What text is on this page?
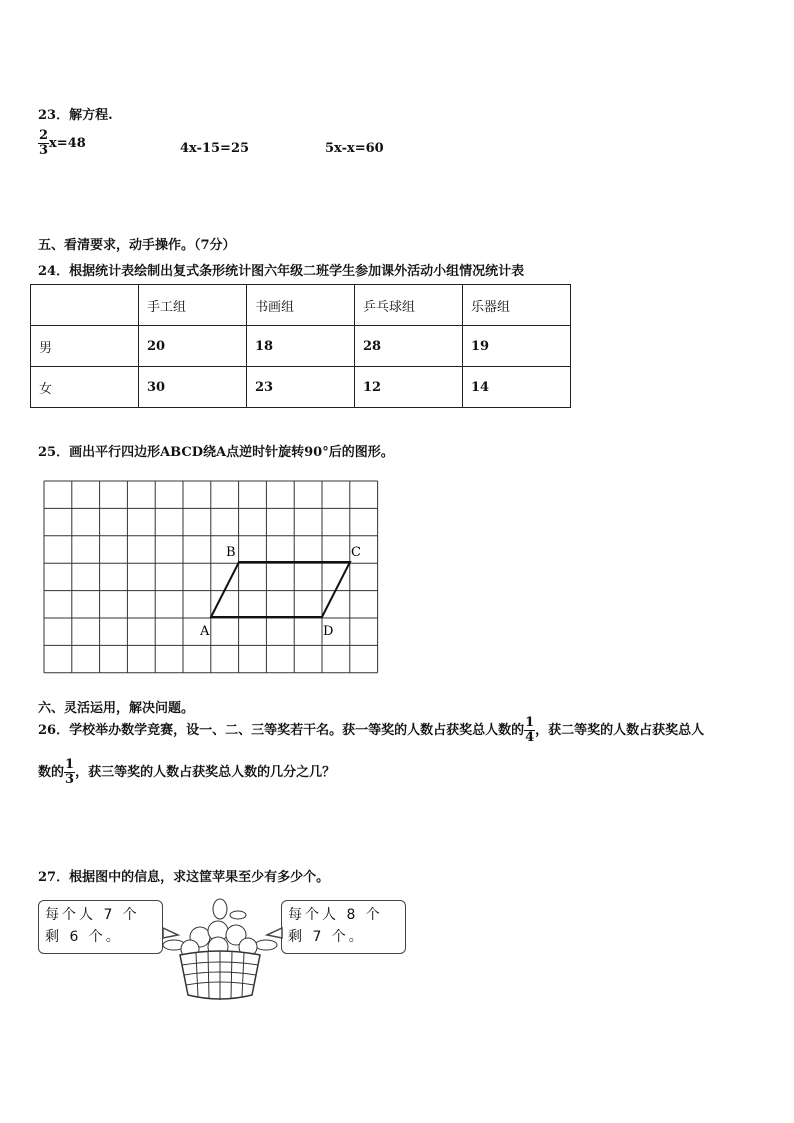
23．解方程.
$\frac{2}{3} x=48$	4x-15=25	5x-x=60
五、看清要求，动手操作。（7分）
24．根据统计表绘制出复式条形统计图六年级二班学生参加课外活动小组情况统计表
	手工组	书画组	乒乓球组	乐器组
男	20	18	28	19
女	30	23	12	14
25．画出平行四边形ABCD绕A点逆时针旋转90°后的图形。
A
B	C
D
六、灵活运用，解决问题。
26．学校举办数学竞赛，设一、二、三等奖若干名。获一等奖的人数占获奖总人数的 $\frac{1}{4}$ ，获二等奖的人数占获奖总人
数的 $\frac{1}{3}$ ，获三等奖的人数占获奖总人数的几分之几？
27．根据图中的信息，求这筐苹果至少有多少个。
每个人 7 个
剩 6 个。
每个人 8 个
剩 7 个。
